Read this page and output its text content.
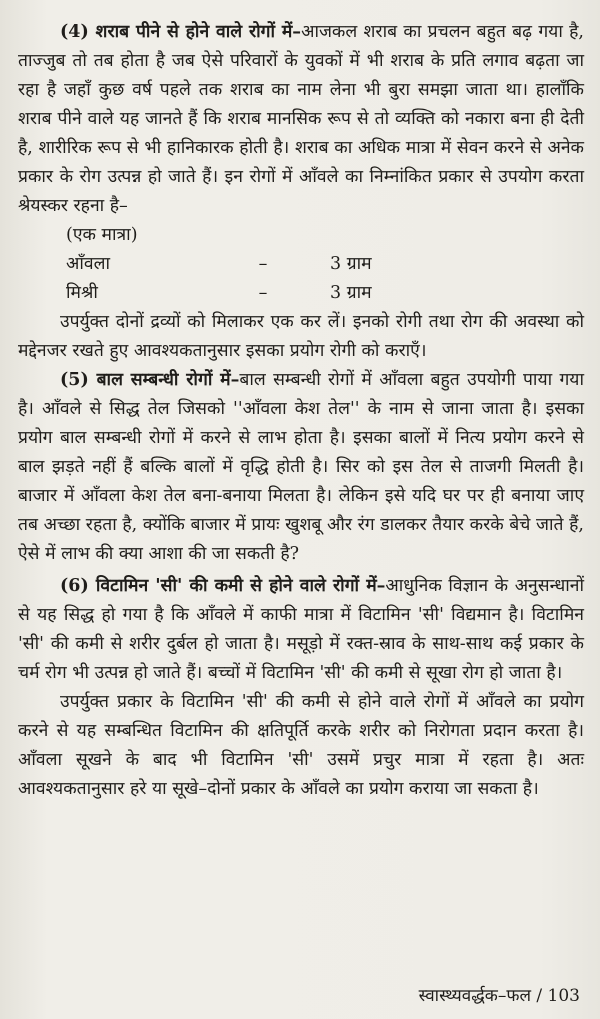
(4) शराब पीने से होने वाले रोगों में–आजकल शराब का प्रचलन बहुत बढ़ गया है, ताज्जुब तो तब होता है जब ऐसे परिवारों के युवकों में भी शराब के प्रति लगाव बढ़ता जा रहा है जहाँ कुछ वर्ष पहले तक शराब का नाम लेना भी बुरा समझा जाता था। हालाँकि शराब पीने वाले यह जानते हैं कि शराब मानसिक रूप से तो व्यक्ति को नकारा बना ही देती है, शारीरिक रूप से भी हानिकारक होती है। शराब का अधिक मात्रा में सेवन करने से अनेक प्रकार के रोग उत्पन्न हो जाते हैं। इन रोगों में आँवले का निम्नांकित प्रकार से उपयोग करता श्रेयस्कर रहना है–

(एक मात्रा)
आँवला	–	3 ग्राम
मिश्री	–	3 ग्राम

उपर्युक्त दोनों द्रव्यों को मिलाकर एक कर लें। इनको रोगी तथा रोग की अवस्था को मद्देनजर रखते हुए आवश्यकतानुसार इसका प्रयोग रोगी को कराएँ।

(5) बाल सम्बन्धी रोगों में–बाल सम्बन्धी रोगों में आँवला बहुत उपयोगी पाया गया है। आँवले से सिद्ध तेल जिसको ''आँवला केश तेल'' के नाम से जाना जाता है। इसका प्रयोग बाल सम्बन्धी रोगों में करने से लाभ होता है। इसका बालों में नित्य प्रयोग करने से बाल झड़ते नहीं हैं बल्कि बालों में वृद्धि होती है। सिर को इस तेल से ताजगी मिलती है। बाजार में आँवला केश तेल बना-बनाया मिलता है। लेकिन इसे यदि घर पर ही बनाया जाए तब अच्छा रहता है, क्योंकि बाजार में प्रायः खुशबू और रंग डालकर तैयार करके बेचे जाते हैं, ऐसे में लाभ की क्या आशा की जा सकती है?

(6) विटामिन 'सी' की कमी से होने वाले रोगों में–आधुनिक विज्ञान के अनुसन्धानों से यह सिद्ध हो गया है कि आँवले में काफी मात्रा में विटामिन 'सी' विद्यमान है। विटामिन 'सी' की कमी से शरीर दुर्बल हो जाता है। मसूड़ो में रक्त-स्राव के साथ-साथ कई प्रकार के चर्म रोग भी उत्पन्न हो जाते हैं। बच्चों में विटामिन 'सी' की कमी से सूखा रोग हो जाता है।

उपर्युक्त प्रकार के विटामिन 'सी' की कमी से होने वाले रोगों में आँवले का प्रयोग करने से यह सम्बन्धित विटामिन की क्षतिपूर्ति करके शरीर को निरोगता प्रदान करता है। आँवला सूखने के बाद भी विटामिन 'सी' उसमें प्रचुर मात्रा में रहता है। अतः आवश्यकतानुसार हरे या सूखे–दोनों प्रकार के आँवले का प्रयोग कराया जा सकता है।

स्वास्थ्यवर्द्धक–फल / 103
